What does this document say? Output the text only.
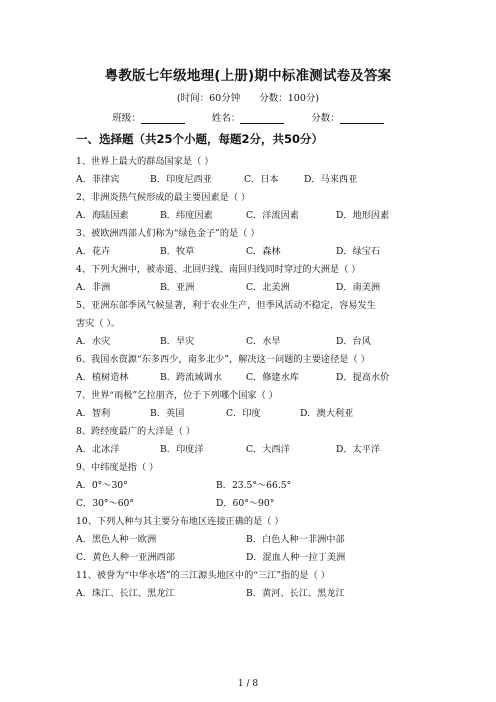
粤教版七年级地理(上册)期中标准测试卷及答案
(时间：60分钟 分数：100分)
班级：	姓名：	分数：
一、选择题（共25个小题，每题2分，共50分）
1、世界上最大的群岛国家是（ ）
A．菲律宾	B．印度尼西亚	C．日本	D．马来西亚
2、非洲炎热气候形成的最主要因素是（ ）
A．海陆因素	B．纬度因素	C．洋流因素	D．地形因素
3、被欧洲西部人们称为“绿色金子”的是（ ）
A．花卉	B．牧草	C．森林	D．绿宝石
4、下列大洲中，被赤道、北回归线、南回归线同时穿过的大洲是（ ）
A．非洲	B．亚洲	C．北美洲	D．南美洲
5、亚洲东部季风气候显著，利于农业生产，但季风活动不稳定，容易发生
害灾（ ）。
A．水灾	B．旱灾	C．水旱	D．台风
6、我国水资源“东多西少，南多北少”，解决这一问题的主要途径是（ ）
A．植树造林	B．跨流域调水	C．修建水库	D．提高水价
7、世界“雨极”乞拉朋齐，位于下列哪个国家（ ）
A．智利	B．英国	C．印度	D．澳大利亚
8、跨经度最广的大洋是（ ）
A．北冰洋	B．印度洋	C．大西洋	D．太平洋
9、中纬度是指（ ）
A．0°～30°	B．23.5°～66.5°
C．30°～60°	D．60°～90°
10、下列人种与其主要分布地区连接正确的是（ ）
A．黑色人种一欧洲	B．白色人种一非洲中部
C．黄色人种一亚洲西部	D．混血人种一拉丁美洲
11、被誉为“中华水塔”的三江源头地区中的“三江”指的是（ ）
A．珠江、长江、黑龙江	B．黄河、长江、黑龙江
1 / 8
